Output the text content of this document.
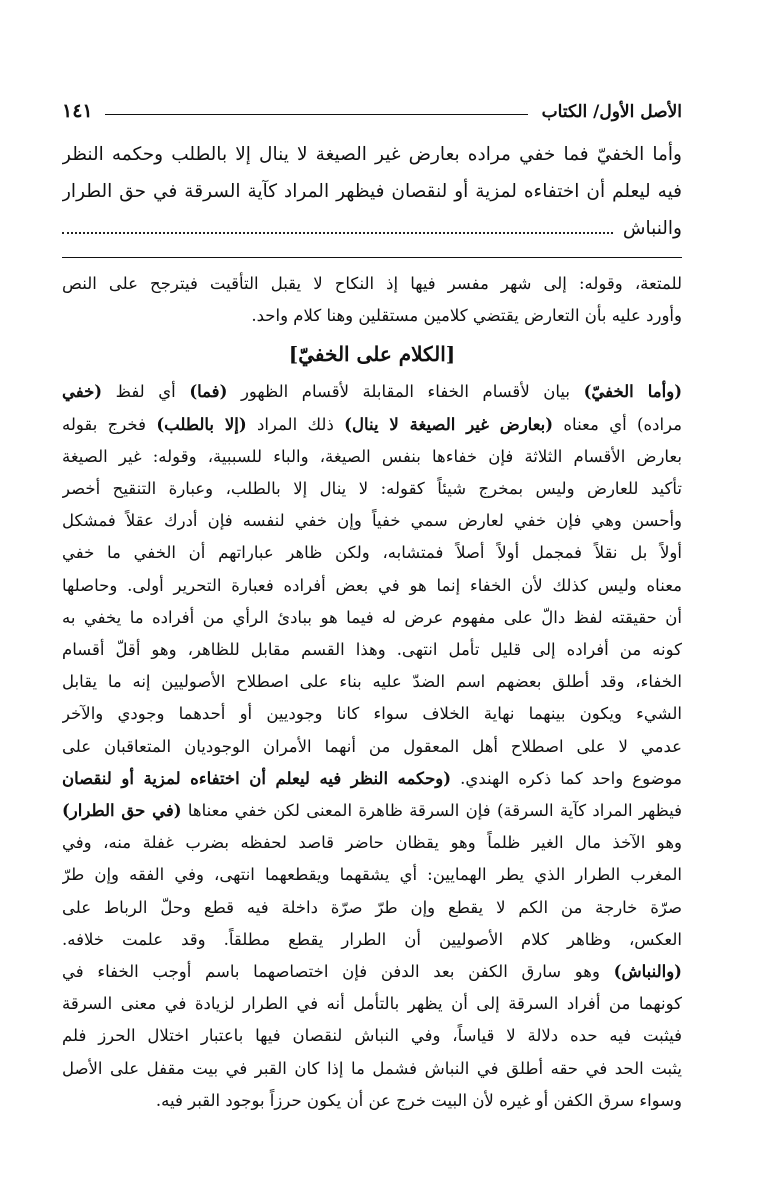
الأصل الأول/ الكتاب
١٤١
وأما الخفيّ فما خفي مراده بعارض غير الصيغة لا ينال إلا بالطلب وحكمه النظر
فيه ليعلم أن اختفاءه لمزية أو لنقصان فيظهر المراد كآية السرقة في حق الطرار
والنباش
للمتعة، وقوله: إلى شهر مفسر فيها إذ النكاح لا يقبل التأقيت فيترجح على النص
وأورد عليه بأن التعارض يقتضي كلامين مستقلين وهنا كلام واحد.
[الكلام على الخفيّ]
(وأما الخفيّ) بيان لأقسام الخفاء المقابلة لأقسام الظهور (فما) أي لفظ (خفي
مراده) أي معناه (بعارض غير الصيغة لا ينال) ذلك المراد (إلا بالطلب) فخرج بقوله
بعارض الأقسام الثلاثة فإن خفاءها بنفس الصيغة، والباء للسببية، وقوله: غير الصيغة
تأكيد للعارض وليس بمخرج شيئاً كقوله: لا ينال إلا بالطلب، وعبارة التنقيح أخصر
وأحسن وهي فإن خفي لعارض سمي خفياً وإن خفي لنفسه فإن أدرك عقلاً فمشكل
أولاً بل نقلاً فمجمل أولاً أصلاً فمتشابه، ولكن ظاهر عباراتهم أن الخفي ما خفي
معناه وليس كذلك لأن الخفاء إنما هو في بعض أفراده فعبارة التحرير أولى. وحاصلها
أن حقيقته لفظ دالّ على مفهوم عرض له فيما هو ببادئ الرأي من أفراده ما يخفي به
كونه من أفراده إلى قليل تأمل انتهى. وهذا القسم مقابل للظاهر، وهو أقلّ أقسام
الخفاء، وقد أطلق بعضهم اسم الضدّ عليه بناء على اصطلاح الأصوليين إنه ما يقابل
الشيء ويكون بينهما نهاية الخلاف سواء كانا وجوديين أو أحدهما وجودي والآخر
عدمي لا على اصطلاح أهل المعقول من أنهما الأمران الوجوديان المتعاقبان على
موضوع واحد كما ذكره الهندي. (وحكمه النظر فيه ليعلم أن اختفاءه لمزية أو لنقصان
فيظهر المراد كآية السرقة) فإن السرقة ظاهرة المعنى لكن خفي معناها (في حق الطرار)
وهو الآخذ مال الغير ظلماً وهو يقظان حاضر قاصد لحفظه بضرب غفلة منه، وفي
المغرب الطرار الذي يطر الهمايين: أي يشقهما ويقطعهما انتهى، وفي الفقه وإن طرّ
صرّة خارجة من الكم لا يقطع وإن طرّ صرّة داخلة فيه قطع وحلّ الرباط على
العكس، وظاهر كلام الأصوليين أن الطرار يقطع مطلقاً. وقد علمت خلافه.
(والنباش) وهو سارق الكفن بعد الدفن فإن اختصاصهما باسم أوجب الخفاء في
كونهما من أفراد السرقة إلى أن يظهر بالتأمل أنه في الطرار لزيادة في معنى السرقة
فيثبت فيه حده دلالة لا قياساً، وفي النباش لنقصان فيها باعتبار اختلال الحرز فلم
يثبت الحد في حقه أطلق في النباش فشمل ما إذا كان القبر في بيت مقفل على الأصل
وسواء سرق الكفن أو غيره لأن البيت خرج عن أن يكون حرزاً بوجود القبر فيه.
